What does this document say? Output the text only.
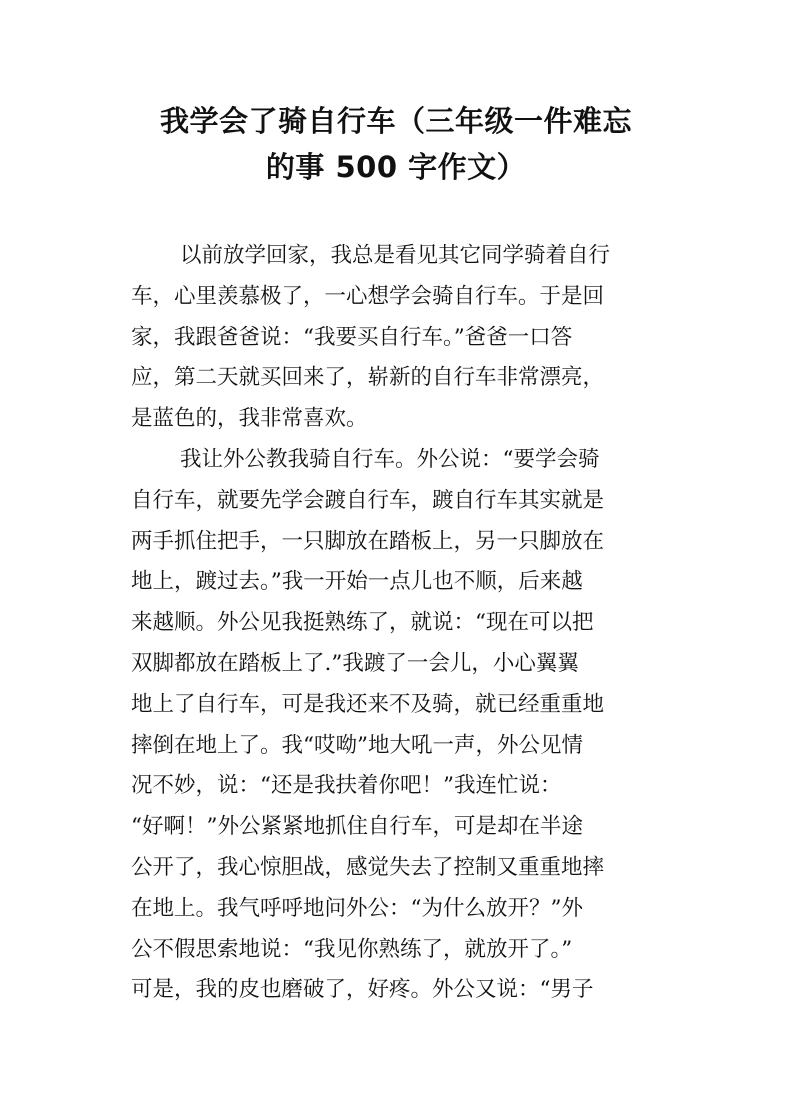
我学会了骑自行车（三年级一件难忘
的事 500 字作文）
以前放学回家，我总是看见其它同学骑着自行
车，心里羡慕极了，一心想学会骑自行车。于是回
家，我跟爸爸说：“我要买自行车。”爸爸一口答
应，第二天就买回来了，崭新的自行车非常漂亮，
是蓝色的，我非常喜欢。
我让外公教我骑自行车。外公说：“要学会骑
自行车，就要先学会踱自行车，踱自行车其实就是
两手抓住把手，一只脚放在踏板上，另一只脚放在
地上，踱过去。”我一开始一点儿也不顺，后来越
来越顺。外公见我挺熟练了，就说：“现在可以把
双脚都放在踏板上了.”我踱了一会儿，小心翼翼
地上了自行车，可是我还来不及骑，就已经重重地
摔倒在地上了。我“哎呦”地大吼一声，外公见情
况不妙，说：“还是我扶着你吧！”我连忙说：
“好啊！”外公紧紧地抓住自行车，可是却在半途
公开了，我心惊胆战，感觉失去了控制又重重地摔
在地上。我气呼呼地问外公：“为什么放开？”外
公不假思索地说：“我见你熟练了，就放开了。”
可是，我的皮也磨破了，好疼。外公又说：“男子
